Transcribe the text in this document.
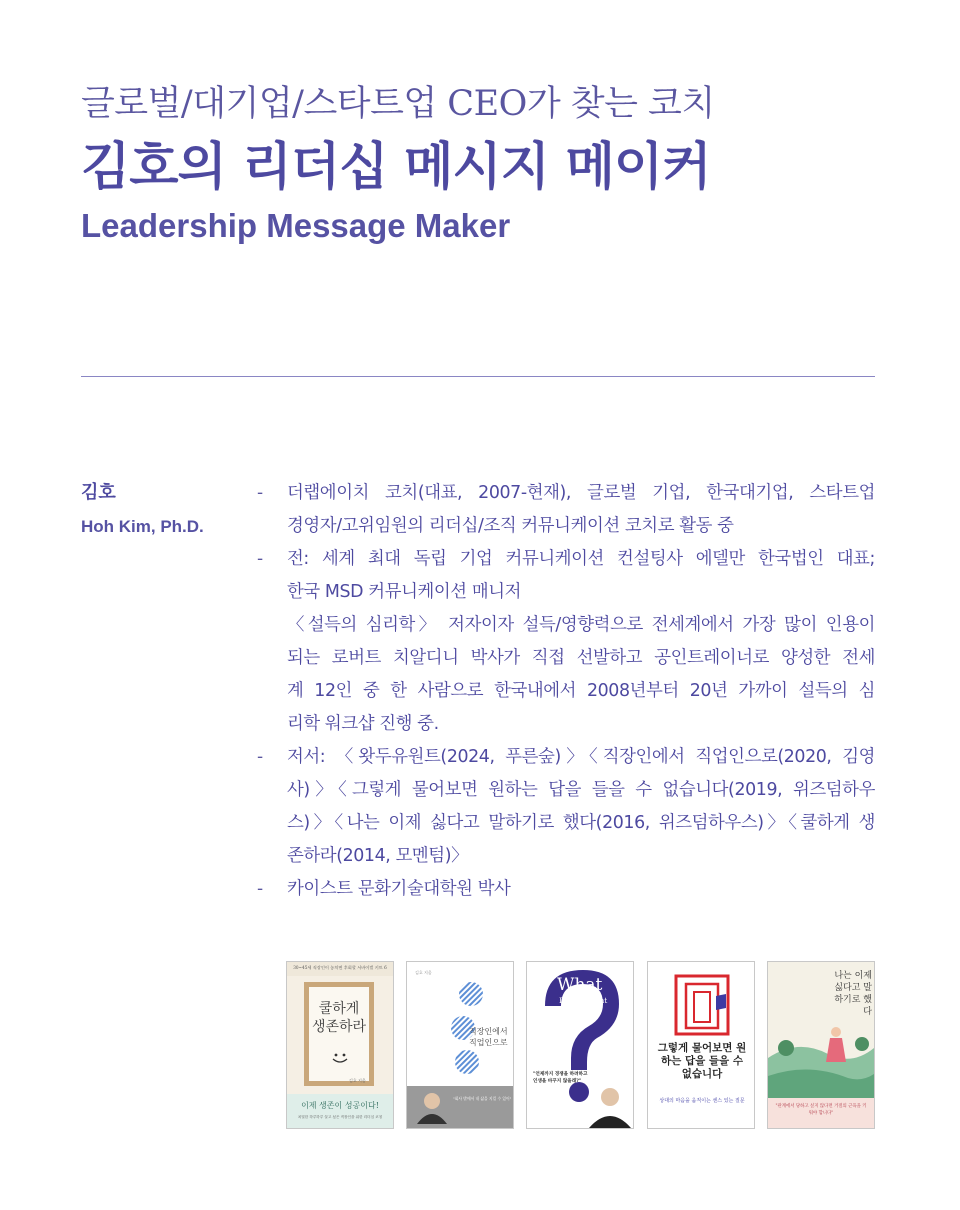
글로벌/대기업/스타트업 CEO가 찾는 코치
김호의 리더십 메시지 메이커
Leadership Message Maker
김호
Hoh Kim, Ph.D.
- 더랩에이치 코치(대표, 2007-현재), 글로벌 기업, 한국대기업, 스타트업
경영자/고위임원의 리더십/조직 커뮤니케이션 코치로 활동 중
- 전: 세계 최대 독립 기업 커뮤니케이션 컨설팅사 에델만 한국법인 대표;
한국 MSD 커뮤니케이션 매니저
〈설득의 심리학〉 저자이자 설득/영향력으로 전세계에서 가장 많이 인용이
되는 로버트 치알디니 박사가 직접 선발하고 공인트레이너로 양성한 전세
계 12인 중 한 사람으로 한국내에서 2008년부터 20년 가까이 설득의 심
리학 워크샵 진행 중.
- 저서: 〈왓두유원트(2024, 푸른숲)〉〈직장인에서 직업인으로(2020, 김영
사)〉〈그렇게 물어보면 원하는 답을 들을 수 없습니다(2019, 위즈덤하우
스)〉〈나는 이제 싫다고 말하기로 했다(2016, 위즈덤하우스)〉〈쿨하게 생
존하라(2014, 모멘텀)〉
- 카이스트 문화기술대학원 박사
30~45세 직장인이 놓치면 후회할 서바이벌 키트 6
쿨하게 생존하라
김호 지음
이제 생존이 성공이다!
치열한 하루하루 살고 싶은 직장인을 위한 리더십 코칭
김호 지음
직장인에서 직업인으로
"회사 밖에서 내 삶을 지킬 수 있어"
What
Do You Want
"언제까지 경쟁을 하려하고 인생을 바꾸지 않을래?"
그렇게 물어보면 원하는 답을 들을 수 없습니다
상대의 마음을 움직이는 센스 있는 질문
나는 이제 싫다고 말하기로 했다
"관계에서 당하고 싶지 않다면 거절의 근육을 키워야 합니다"
